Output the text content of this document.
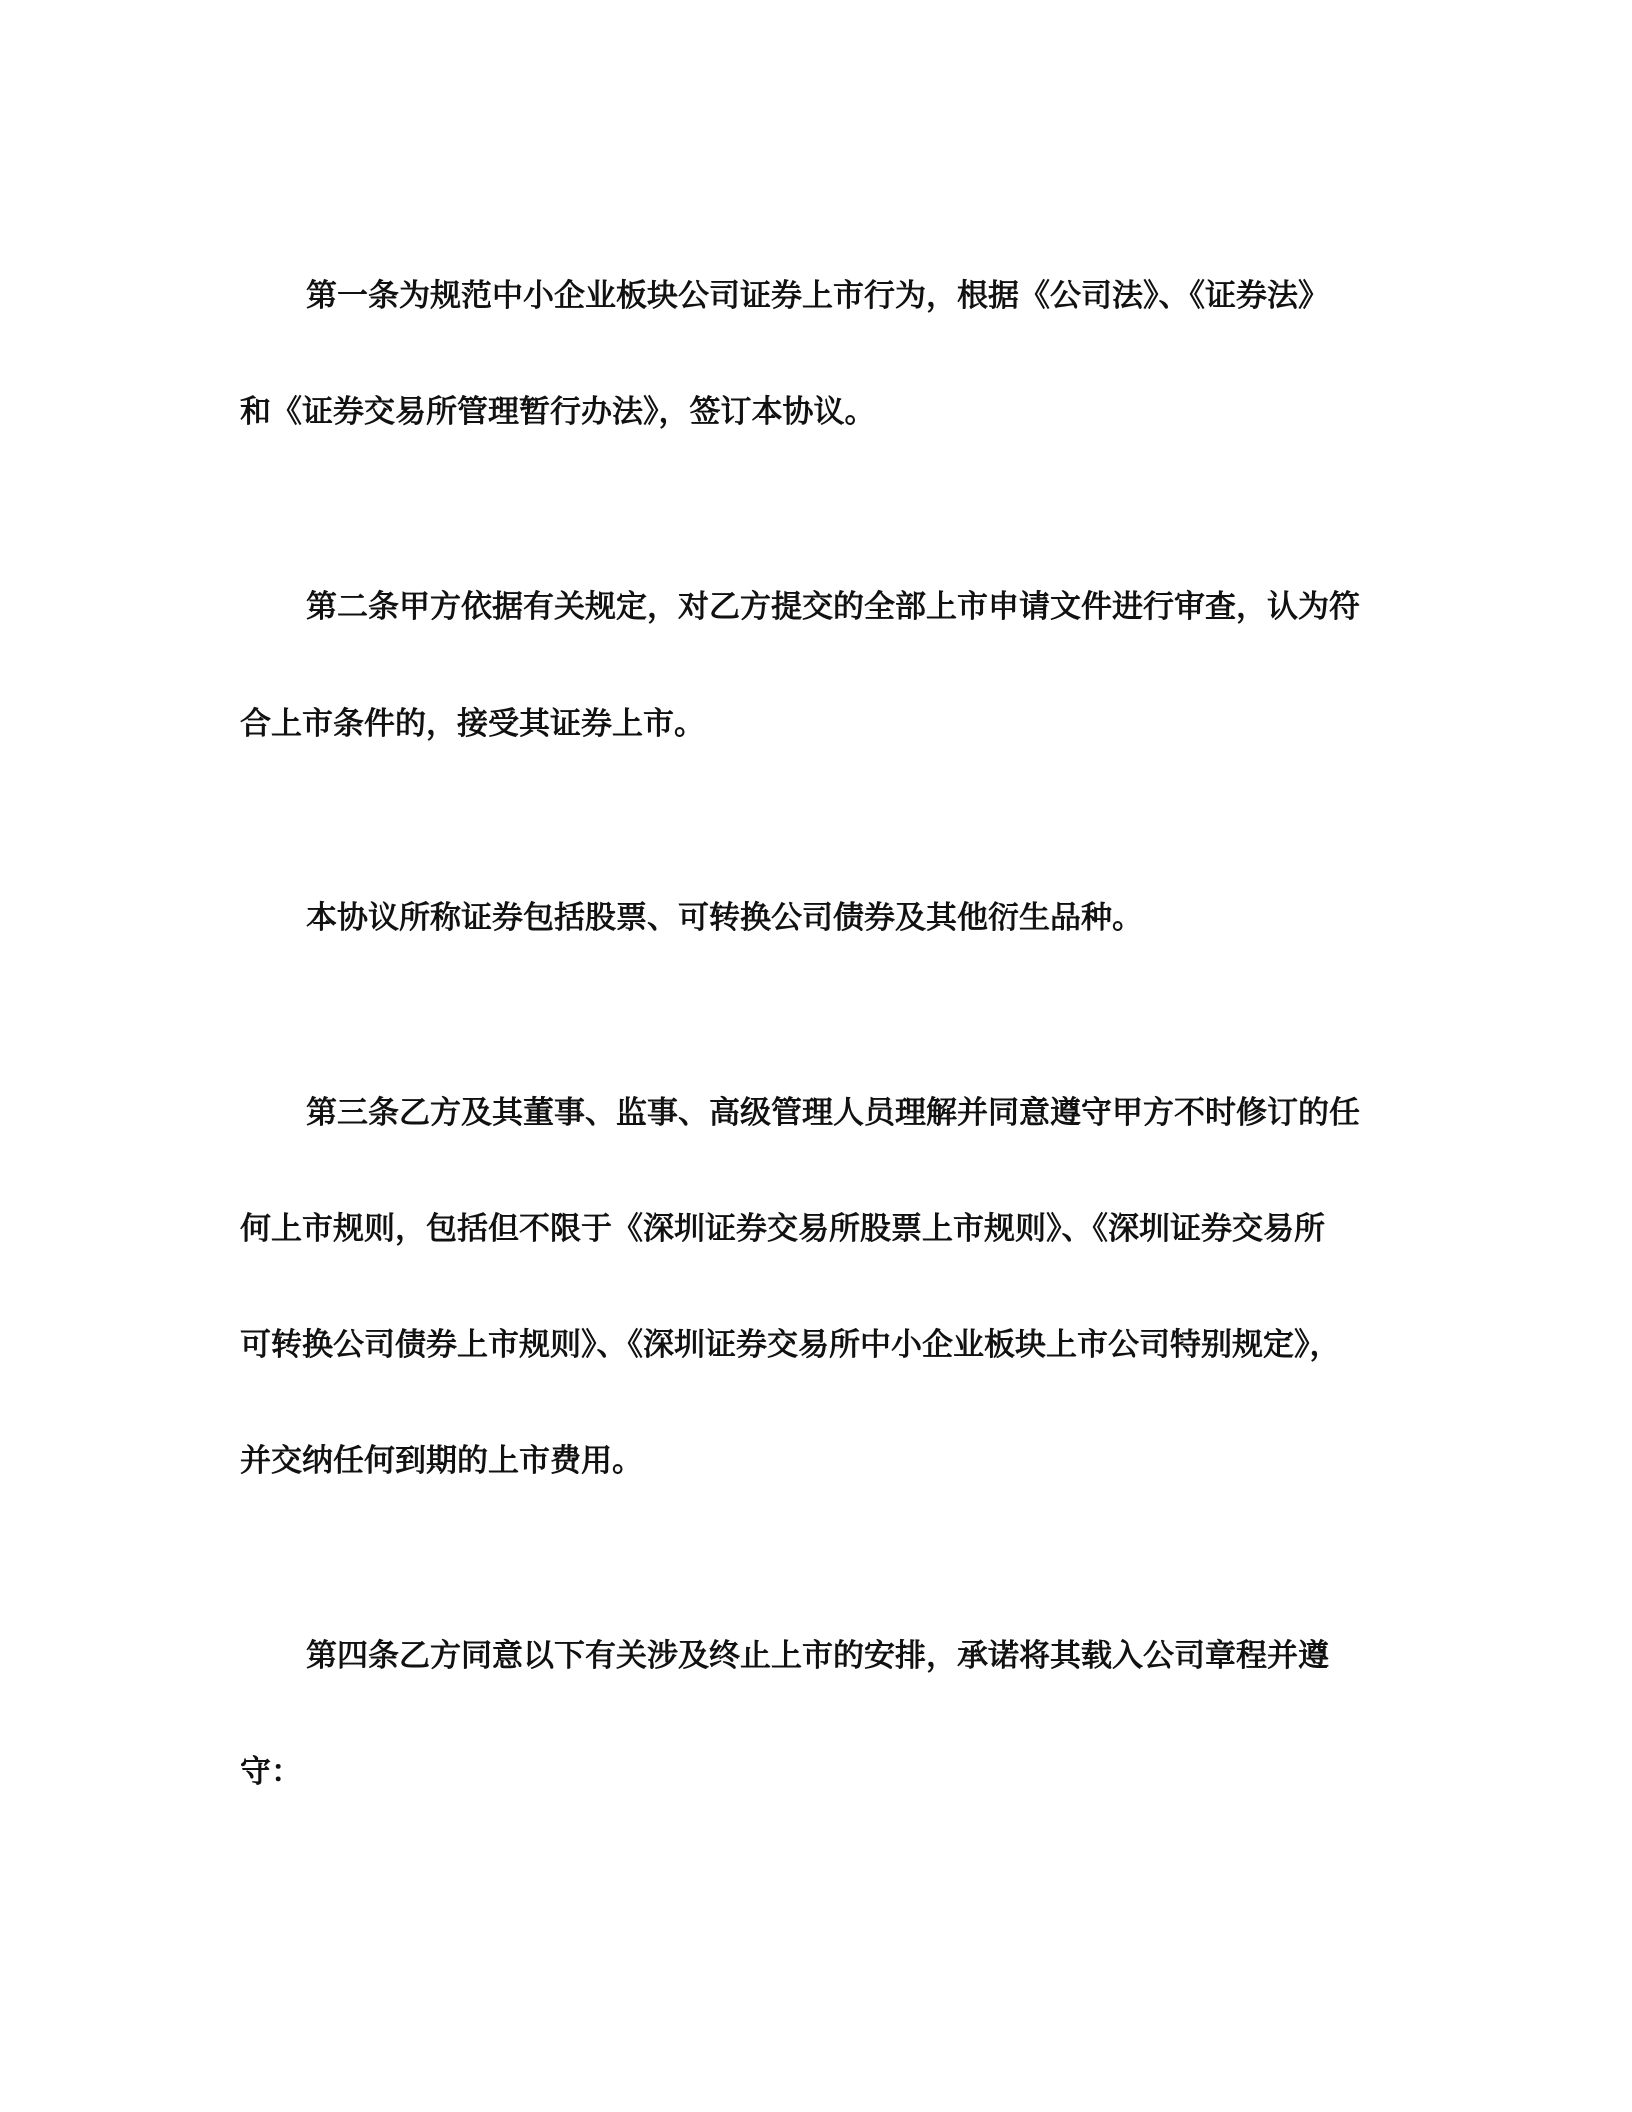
第一条为规范中小企业板块公司证券上市行为，根据《公司法》、《证券法》
和《证券交易所管理暂行办法》，签订本协议。
第二条甲方依据有关规定，对乙方提交的全部上市申请文件进行审查，认为符
合上市条件的，接受其证券上市。
本协议所称证券包括股票、可转换公司债券及其他衍生品种。
第三条乙方及其董事、监事、高级管理人员理解并同意遵守甲方不时修订的任
何上市规则，包括但不限于《深圳证券交易所股票上市规则》、《深圳证券交易所
可转换公司债券上市规则》、《深圳证券交易所中小企业板块上市公司特别规定》，
并交纳任何到期的上市费用。
第四条乙方同意以下有关涉及终止上市的安排，承诺将其载入公司章程并遵
守：
